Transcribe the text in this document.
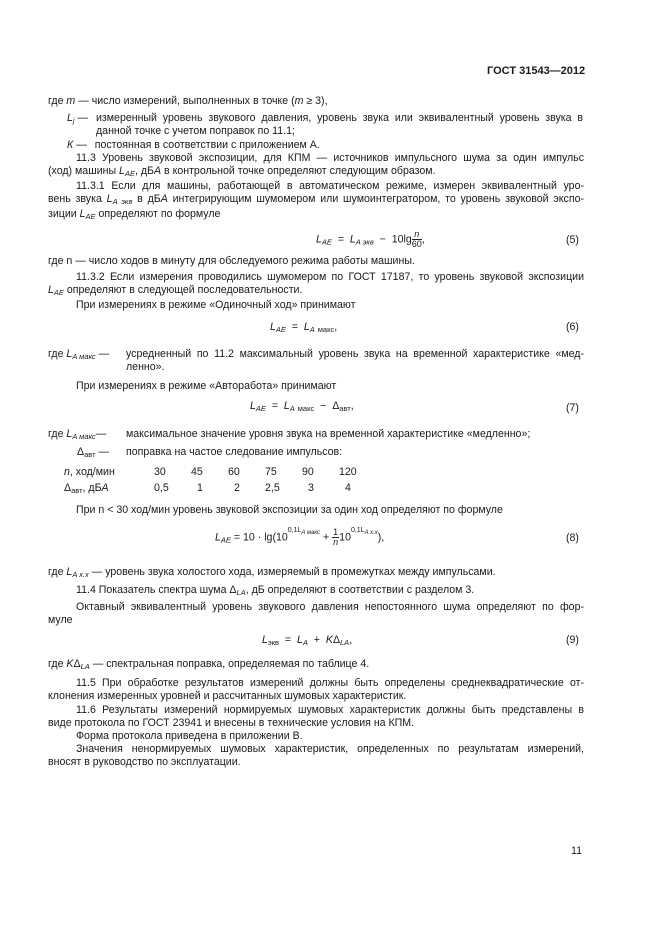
ГОСТ 31543—2012
где m — число измерений, выполненных в точке (m ≥ 3),
$L_j$ — измеренный уровень звукового давления, уровень звука или эквивалентный уровень звука в
данной точке с учетом поправок по 11.1;
К — постоянная в соответствии с приложением А.
11.3 Уровень звуковой экспозиции, для КПМ — источников импульсного шума за один импульс
(ход) машины $L_{AE}$, дБА в контрольной точке определяют следующим образом.
11.3.1 Если для машины, работающей в автоматическом режиме, измерен эквивалентный уро-
вень звука $L_{A экв}$ в дБА интегрирующим шумомером или шумоинтегратором, то уровень звуковой экспо-
зиции $L_{AE}$ определяют по формуле
$L_{AE} = L_{A экв} - 10\lg \frac{n}{60}$ ,	(5)
где n — число ходов в минуту для обследуемого режима работы машины.
11.3.2 Если измерения проводились шумомером по ГОСТ 17187, то уровень звуковой экспозиции
$L_{AE}$ определяют в следующей последовательности.
При измерениях в режиме «Одиночный ход» принимают
$L_{AE} = L_A$ $_{макс}$,	(6)
где $L_{A макс}$ — усредненный по 11.2 максимальный уровень звука на временной характеристике «мед-
ленно».
При измерениях в режиме «Авторабота» принимают
$L_{AE} = L_A$ $_{макс} - \Delta_{авт}$,	(7)
где $L_{A макс}—$ максимальное значение уровня звука на временной характеристике «медленно»;
$\Delta_{авт}$ — поправка на частое следование импульсов:
n, ход/мин	30	45	60	75	90	120
$\Delta_{авт}$, дБА	0,5	1	2	2,5	3	4
При n < 30 ход/мин уровень звуковой экспозиции за один ход определяют по формуле
$L_{AE} = 10 \cdot \lg(10^{0,1L_{A макс}} + \frac{1}{n} 10^{0,1L_{A х.х}})$,	(8)
где $L_{A х.х}$ — уровень звука холостого хода, измеряемый в промежутках между импульсами.
11.4 Показатель спектра шума $\Delta_{LA}$, дБ определяют в соответствии с разделом 3.
Октавный эквивалентный уровень звукового давления непостоянного шума определяют по фор-
муле
$L_{экв} = L_A + K\Delta_{LA}$,	(9)
где $K\Delta_{LA}$ — спектральная поправка, определяемая по таблице 4.
11.5 При обработке результатов измерений должны быть определены среднеквадратические от-
клонения измеренных уровней и рассчитанных шумовых характеристик.
11.6 Результаты измерений нормируемых шумовых характеристик должны быть представлены в
виде протокола по ГОСТ 23941 и внесены в технические условия на КПМ.
Форма протокола приведена в приложении В.
Значения ненормируемых шумовых характеристик, определенных по результатам измерений,
вносят в руководство по эксплуатации.
11
